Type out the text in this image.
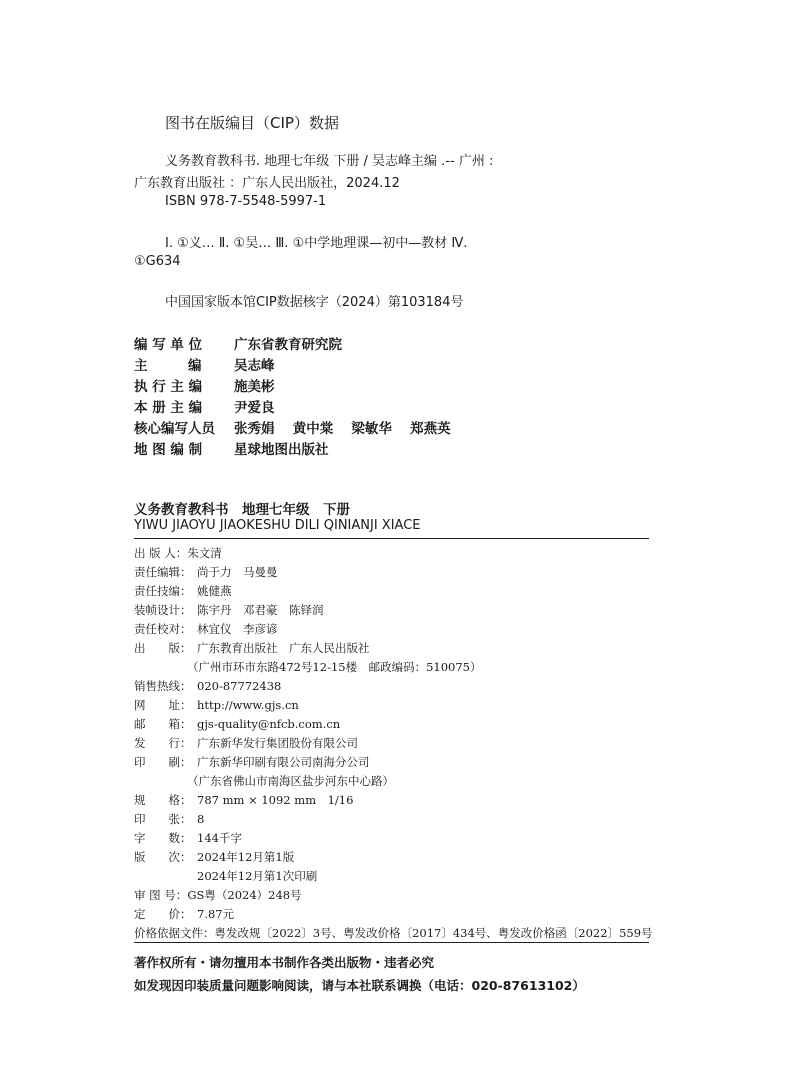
图书在版编目（CIP）数据
义务教育教科书. 地理七年级 下册 / 吴志峰主编 .-- 广州 :
广东教育出版社 ：广东人民出版社，2024.12
ISBN 978-7-5548-5997-1
Ⅰ. ①义… Ⅱ. ①吴… Ⅲ. ①中学地理课—初中—教材 Ⅳ.
①G634
中国国家版本馆CIP数据核字（2024）第103184号
编 写 单 位 广东省教育研究院
主　　　编 吴志峰
执 行 主 编 施美彬
本 册 主 编 尹爱良
核心编写人员 张秀娟　 黄中棠　 梁敏华　 郑燕英
地 图 编 制 星球地图出版社
义务教育教科书　地理七年级　下册
YIWU JIAOYU JIAOKESHU DILI QINIANJI XIACE
出 版 人：朱文清
责任编辑： 尚于力　马曼曼
责任技编： 姚健燕
装帧设计： 陈宇丹　邓君豪　陈铎润
责任校对： 林宜仪　李彦谚
出　　版： 广东教育出版社　广东人民出版社
（广州市环市东路472号12-15楼　邮政编码：510075）
销售热线： 020-87772438
网　　址： http://www.gjs.cn
邮　　箱： gjs-quality@nfcb.com.cn
发　　行： 广东新华发行集团股份有限公司
印　　刷： 广东新华印刷有限公司南海分公司
（广东省佛山市南海区盐步河东中心路）
规　　格： 787 mm × 1092 mm　1/16
印　　张： 8
字　　数： 144千字
版　　次： 2024年12月第1版
2024年12月第1次印刷
审 图 号：GS粤（2024）248号
定　　价： 7.87元
价格依据文件：粤发改规〔2022〕3号、粤发改价格〔2017〕434号、粤发改价格函〔2022〕559号
著作权所有・请勿擅用本书制作各类出版物・违者必究
如发现因印装质量问题影响阅读，请与本社联系调换（电话：020-87613102）
